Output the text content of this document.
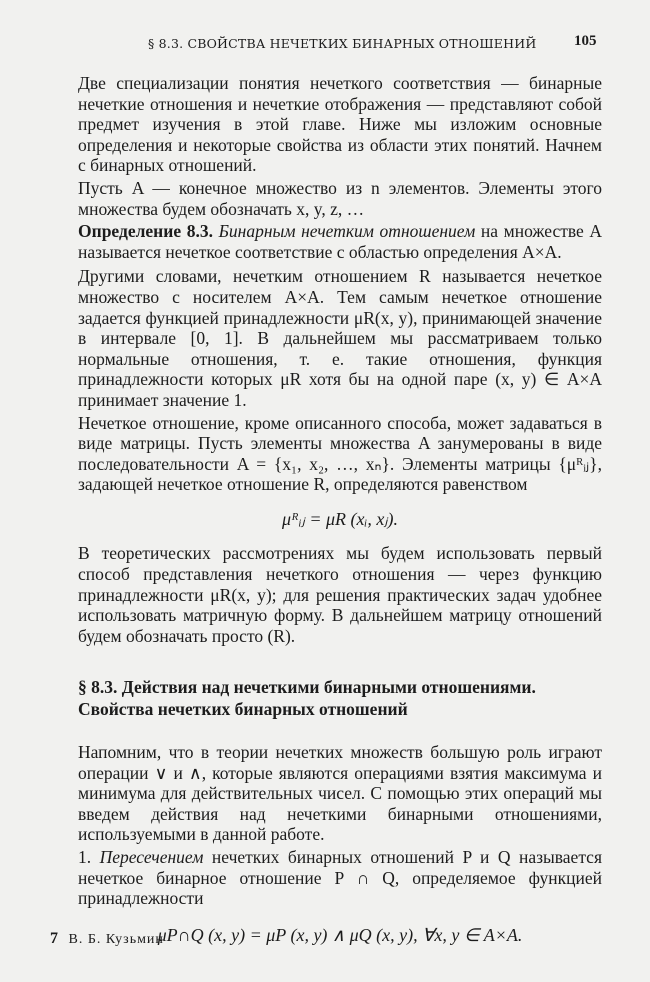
§ 8.3. СВОЙСТВА НЕЧЕТКИХ БИНАРНЫХ ОТНОШЕНИЙ	105

Две специализации понятия нечеткого соответствия — бинарные нечеткие отношения и нечеткие отображения — представляют собой предмет изучения в этой главе. Ниже мы изложим основные определения и некоторые свойства из области этих понятий. Начнем с бинарных отношений.

Пусть A — конечное множество из n элементов. Элементы этого множества будем обозначать x, y, z, …

Определение 8.3. Бинарным нечетким отношением на множестве A называется нечеткое соответствие с областью определения A×A.

Другими словами, нечетким отношением R называется нечеткое множество с носителем A×A. Тем самым нечеткое отношение задается функцией принадлежности μR(x, y), принимающей значение в интервале [0, 1]. В дальнейшем мы рассматриваем только нормальные отношения, т. е. такие отношения, функция принадлежности которых μR хотя бы на одной паре (x, y) ∈ A×A принимает значение 1.

Нечеткое отношение, кроме описанного способа, может задаваться в виде матрицы. Пусть элементы множества A занумерованы в виде последовательности A = {x₁, x₂, …, xₙ}. Элементы матрицы {μᴿᵢⱼ}, задающей нечеткое отношение R, определяются равенством

μᴿᵢⱼ = μR (xᵢ, xⱼ).

В теоретических рассмотрениях мы будем использовать первый способ представления нечеткого отношения — через функцию принадлежности μR(x, y); для решения практических задач удобнее использовать матричную форму. В дальнейшем матрицу отношений будем обозначать просто (R).

§ 8.3. Действия над нечеткими бинарными отношениями.
Свойства нечетких бинарных отношений

Напомним, что в теории нечетких множеств большую роль играют операции ∨ и ∧, которые являются операциями взятия максимума и минимума для действительных чисел. С помощью этих операций мы введем действия над нечеткими бинарными отношениями, используемыми в данной работе.

1. Пересечением нечетких бинарных отношений P и Q называется нечеткое бинарное отношение P ∩ Q, определяемое функцией принадлежности

μP∩Q (x, y) = μP (x, y) ∧ μQ (x, y), ∀x, y ∈ A×A.

7 В. Б. Кузьмин
